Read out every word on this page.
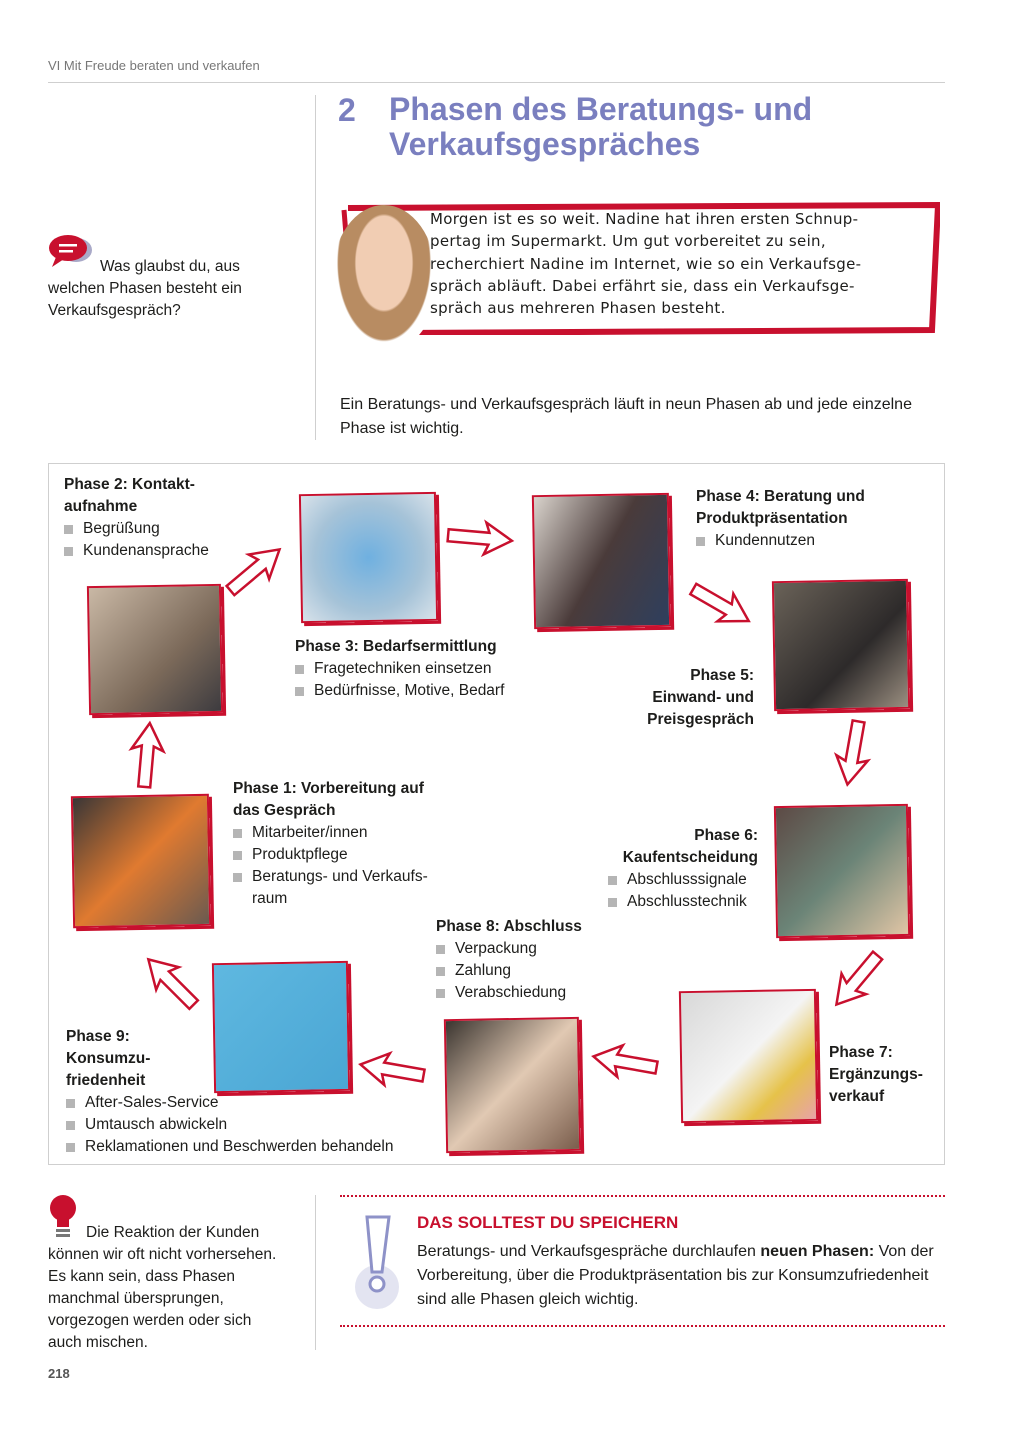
VI Mit Freude beraten und verkaufen
2 Phasen des Beratungs- und
Verkaufsgespräches
Was glaubst du, aus welchen Phasen besteht ein Verkaufsgespräch?
Morgen ist es so weit. Nadine hat ihren ersten Schnup-
pertag im Supermarkt. Um gut vorbereitet zu sein,
recherchiert Nadine im Internet, wie so ein Verkaufsge-
spräch abläuft. Dabei erfährt sie, dass ein Verkaufsge-
spräch aus mehreren Phasen besteht.
Ein Beratungs- und Verkaufsgespräch läuft in neun Phasen ab und jede einzelne Phase ist wichtig.
Phase 1: Vorbereitung auf
das Gespräch
Mitarbeiter/innen
Produktpflege
Beratungs- und Verkaufs-
raum
Phase 2: Kontakt-
aufnahme
Begrüßung
Kundenansprache
Phase 3: Bedarfsermittlung
Fragetechniken einsetzen
Bedürfnisse, Motive, Bedarf
Phase 4: Beratung und
Produktpräsentation
Kundennutzen
Phase 5:
Einwand- und
Preisgespräch
Phase 6:
Kaufentscheidung
Abschlusssignale
Abschlusstechnik
Phase 7:
Ergänzungs-
verkauf
Phase 8: Abschluss
Verpackung
Zahlung
Verabschiedung
Phase 9:
Konsumzu-
friedenheit
After-Sales-Service
Umtausch abwickeln
Reklamationen und Beschwerden behandeln
Die Reaktion der Kunden können wir oft nicht vorhersehen. Es kann sein, dass Phasen manchmal übersprungen, vorgezogen werden oder sich auch mischen.
DAS SOLLTEST DU SPEICHERN
Beratungs- und Verkaufsgespräche durchlaufen neuen Phasen: Von der Vorbereitung, über die Produktpräsentation bis zur Konsumzufriedenheit sind alle Phasen gleich wichtig.
218
